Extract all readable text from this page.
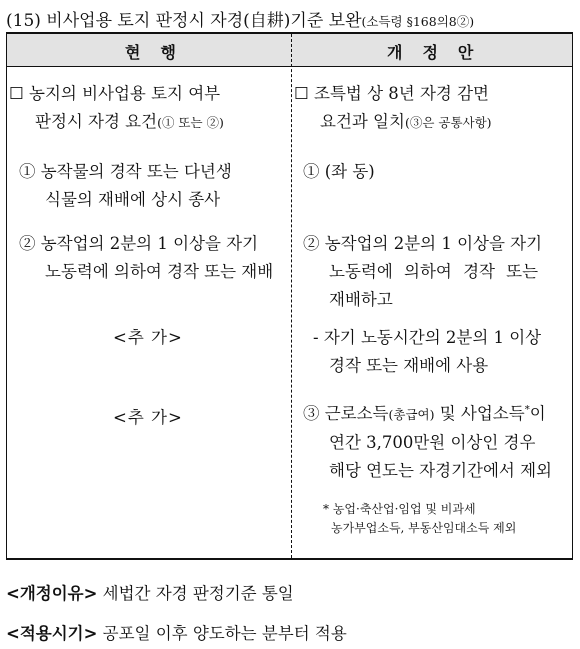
(15) 비사업용 토지 판정시 자경(自耕)기준 보완(소득령 §168의8②)
현행	개정안
☐ 농지의 비사업용 토지 여부
판정시 자경 요건(① 또는 ②)
① 농작물의 경작 또는 다년생
식물의 재배에 상시 종사
② 농작업의 2분의 1 이상을 자기
노동력에 의하여 경작 또는 재배
<추 가>
<추 가>
☐ 조특법 상 8년 자경 감면
요건과 일치(③은 공통사항)
① (좌 동)
② 농작업의 2분의 1 이상을 자기
노동력에 의하여 경작 또는
재배하고
- 자기 노동시간의 2분의 1 이상
경작 또는 재배에 사용
③ 근로소득(총급여) 및 사업소득*이
연간 3,700만원 이상인 경우
해당 연도는 자경기간에서 제외
* 농업·축산업·임업 및 비과세
농가부업소득, 부동산임대소득 제외
<개정이유> 세법간 자경 판정기준 통일
<적용시기> 공포일 이후 양도하는 분부터 적용
